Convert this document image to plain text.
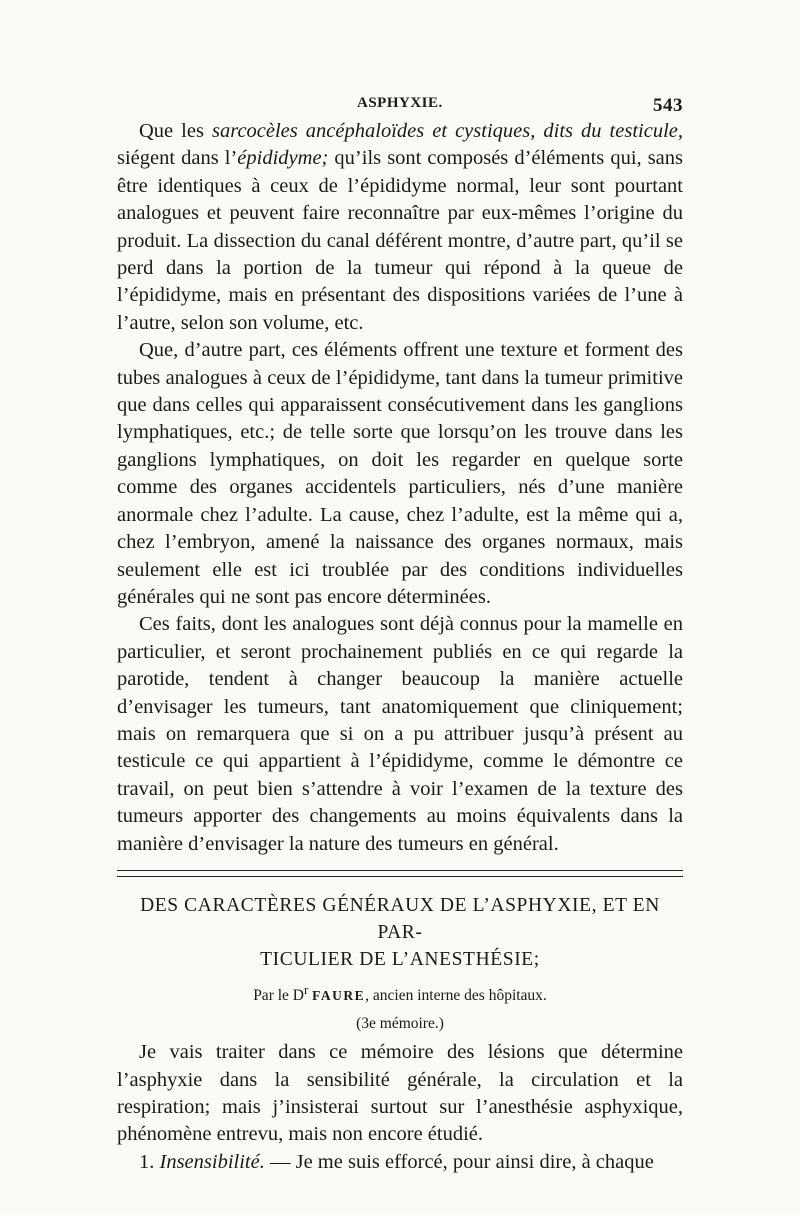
ASPHYXIE.	543

Que les sarcocèles ancéphaloïdes et cystiques, dits du testicule, siégent dans l’épididyme; qu’ils sont composés d’éléments qui, sans être identiques à ceux de l’épididyme normal, leur sont pourtant analogues et peuvent faire reconnaître par eux-mêmes l’origine du produit. La dissection du canal déférent montre, d’autre part, qu’il se perd dans la portion de la tumeur qui répond à la queue de l’épididyme, mais en présentant des dispositions variées de l’une à l’autre, selon son volume, etc.

Que, d’autre part, ces éléments offrent une texture et forment des tubes analogues à ceux de l’épididyme, tant dans la tumeur primitive que dans celles qui apparaissent consécutivement dans les ganglions lymphatiques, etc.; de telle sorte que lorsqu’on les trouve dans les ganglions lymphatiques, on doit les regarder en quelque sorte comme des organes accidentels particuliers, nés d’une manière anormale chez l’adulte. La cause, chez l’adulte, est la même qui a, chez l’embryon, amené la naissance des organes normaux, mais seulement elle est ici troublée par des conditions individuelles générales qui ne sont pas encore déterminées.

Ces faits, dont les analogues sont déjà connus pour la mamelle en particulier, et seront prochainement publiés en ce qui regarde la parotide, tendent à changer beaucoup la manière actuelle d’envisager les tumeurs, tant anatomiquement que cliniquement; mais on remarquera que si on a pu attribuer jusqu’à présent au testicule ce qui appartient à l’épididyme, comme le démontre ce travail, on peut bien s’attendre à voir l’examen de la texture des tumeurs apporter des changements au moins équivalents dans la manière d’envisager la nature des tumeurs en général.

DES CARACTÈRES GÉNÉRAUX DE L’ASPHYXIE, ET EN PAR-
TICULIER DE L’ANESTHÉSIE;
Par le $D^r$ FAURE, ancien interne des hôpitaux.
(3e mémoire.)

Je vais traiter dans ce mémoire des lésions que détermine l’asphyxie dans la sensibilité générale, la circulation et la respiration; mais j’insisterai surtout sur l’anesthésie asphyxique, phénomène entrevu, mais non encore étudié.

1. Insensibilité. — Je me suis efforcé, pour ainsi dire, à chaque
